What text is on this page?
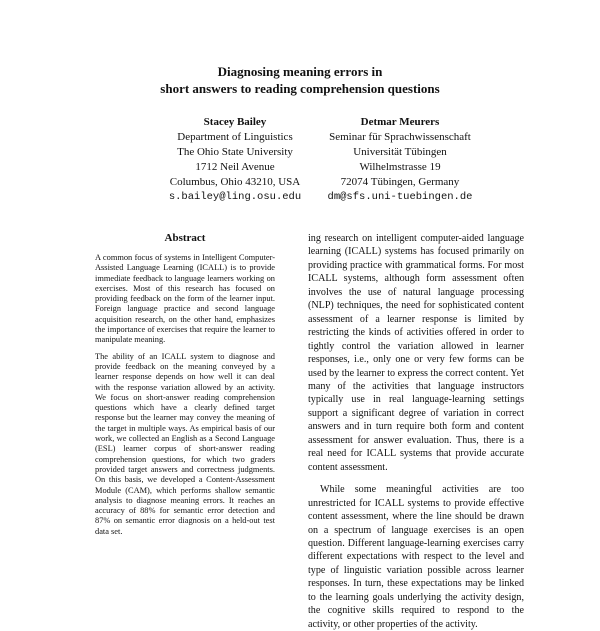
Diagnosing meaning errors in
short answers to reading comprehension questions
Stacey Bailey
Department of Linguistics
The Ohio State University
1712 Neil Avenue
Columbus, Ohio 43210, USA
s.bailey@ling.osu.edu
Detmar Meurers
Seminar für Sprachwissenschaft
Universität Tübingen
Wilhelmstrasse 19
72074 Tübingen, Germany
dm@sfs.uni-tuebingen.de
Abstract

A common focus of systems in Intelligent Computer-Assisted Language Learning (ICALL) is to provide immediate feedback to language learners working on exercises. Most of this research has focused on providing feedback on the form of the learner input. Foreign language practice and second language acquisition research, on the other hand, emphasizes the importance of exercises that require the learner to manipulate meaning.

The ability of an ICALL system to diagnose and provide feedback on the meaning conveyed by a learner response depends on how well it can deal with the response variation allowed by an activity. We focus on short-answer reading comprehension questions which have a clearly defined target response but the learner may convey the meaning of the target in multiple ways. As empirical basis of our work, we collected an English as a Second Language (ESL) learner corpus of short-answer reading comprehension questions, for which two graders provided target answers and correctness judgments. On this basis, we developed a Content-Assessment Module (CAM), which performs shallow semantic analysis to diagnose meaning errors. It reaches an accuracy of 88% for semantic error detection and 87% on semantic error diagnosis on a held-out test data set.

ing research on intelligent computer-aided language learning (ICALL) systems has focused primarily on providing practice with grammatical forms. For most ICALL systems, although form assessment often involves the use of natural language processing (NLP) techniques, the need for sophisticated content assessment of a learner response is limited by restricting the kinds of activities offered in order to tightly control the variation allowed in learner responses, i.e., only one or very few forms can be used by the learner to express the correct content. Yet many of the activities that language instructors typically use in real language-learning settings support a significant degree of variation in correct answers and in turn require both form and content assessment for answer evaluation. Thus, there is a real need for ICALL systems that provide accurate content assessment.

While some meaningful activities are too unrestricted for ICALL systems to provide effective content assessment, where the line should be drawn on a spectrum of language exercises is an open question. Different language-learning exercises carry different expectations with respect to the level and type of linguistic variation possible across learner responses. In turn, these expectations may be linked to the learning goals underlying the activity design, the cognitive skills required to respond to the activity, or other properties of the activity.
